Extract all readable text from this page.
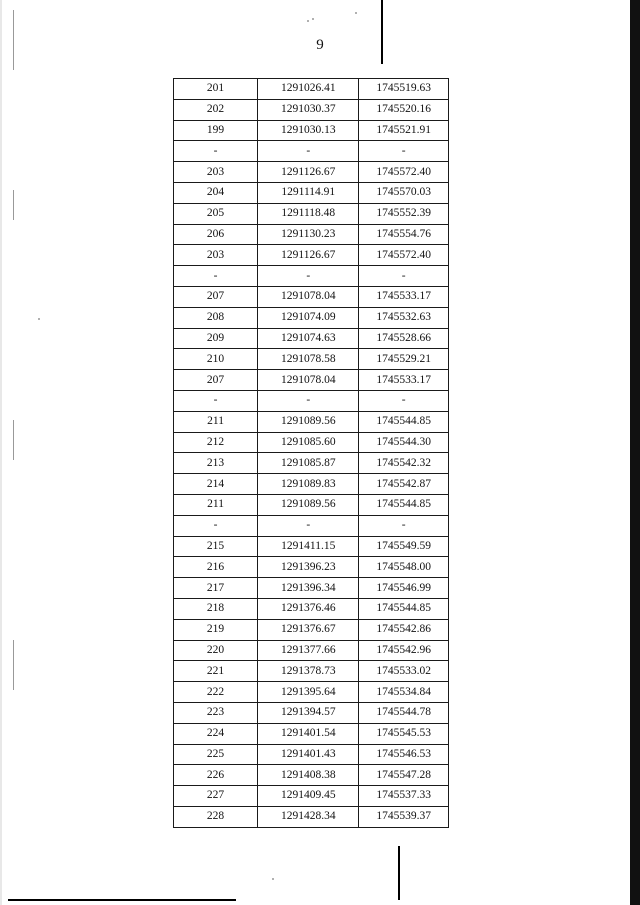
9
201	1291026.41	1745519.63
202	1291030.37	1745520.16
199	1291030.13	1745521.91
-	-	-
203	1291126.67	1745572.40
204	1291114.91	1745570.03
205	1291118.48	1745552.39
206	1291130.23	1745554.76
203	1291126.67	1745572.40
-	-	-
207	1291078.04	1745533.17
208	1291074.09	1745532.63
209	1291074.63	1745528.66
210	1291078.58	1745529.21
207	1291078.04	1745533.17
-	-	-
211	1291089.56	1745544.85
212	1291085.60	1745544.30
213	1291085.87	1745542.32
214	1291089.83	1745542.87
211	1291089.56	1745544.85
-	-	-
215	1291411.15	1745549.59
216	1291396.23	1745548.00
217	1291396.34	1745546.99
218	1291376.46	1745544.85
219	1291376.67	1745542.86
220	1291377.66	1745542.96
221	1291378.73	1745533.02
222	1291395.64	1745534.84
223	1291394.57	1745544.78
224	1291401.54	1745545.53
225	1291401.43	1745546.53
226	1291408.38	1745547.28
227	1291409.45	1745537.33
228	1291428.34	1745539.37
